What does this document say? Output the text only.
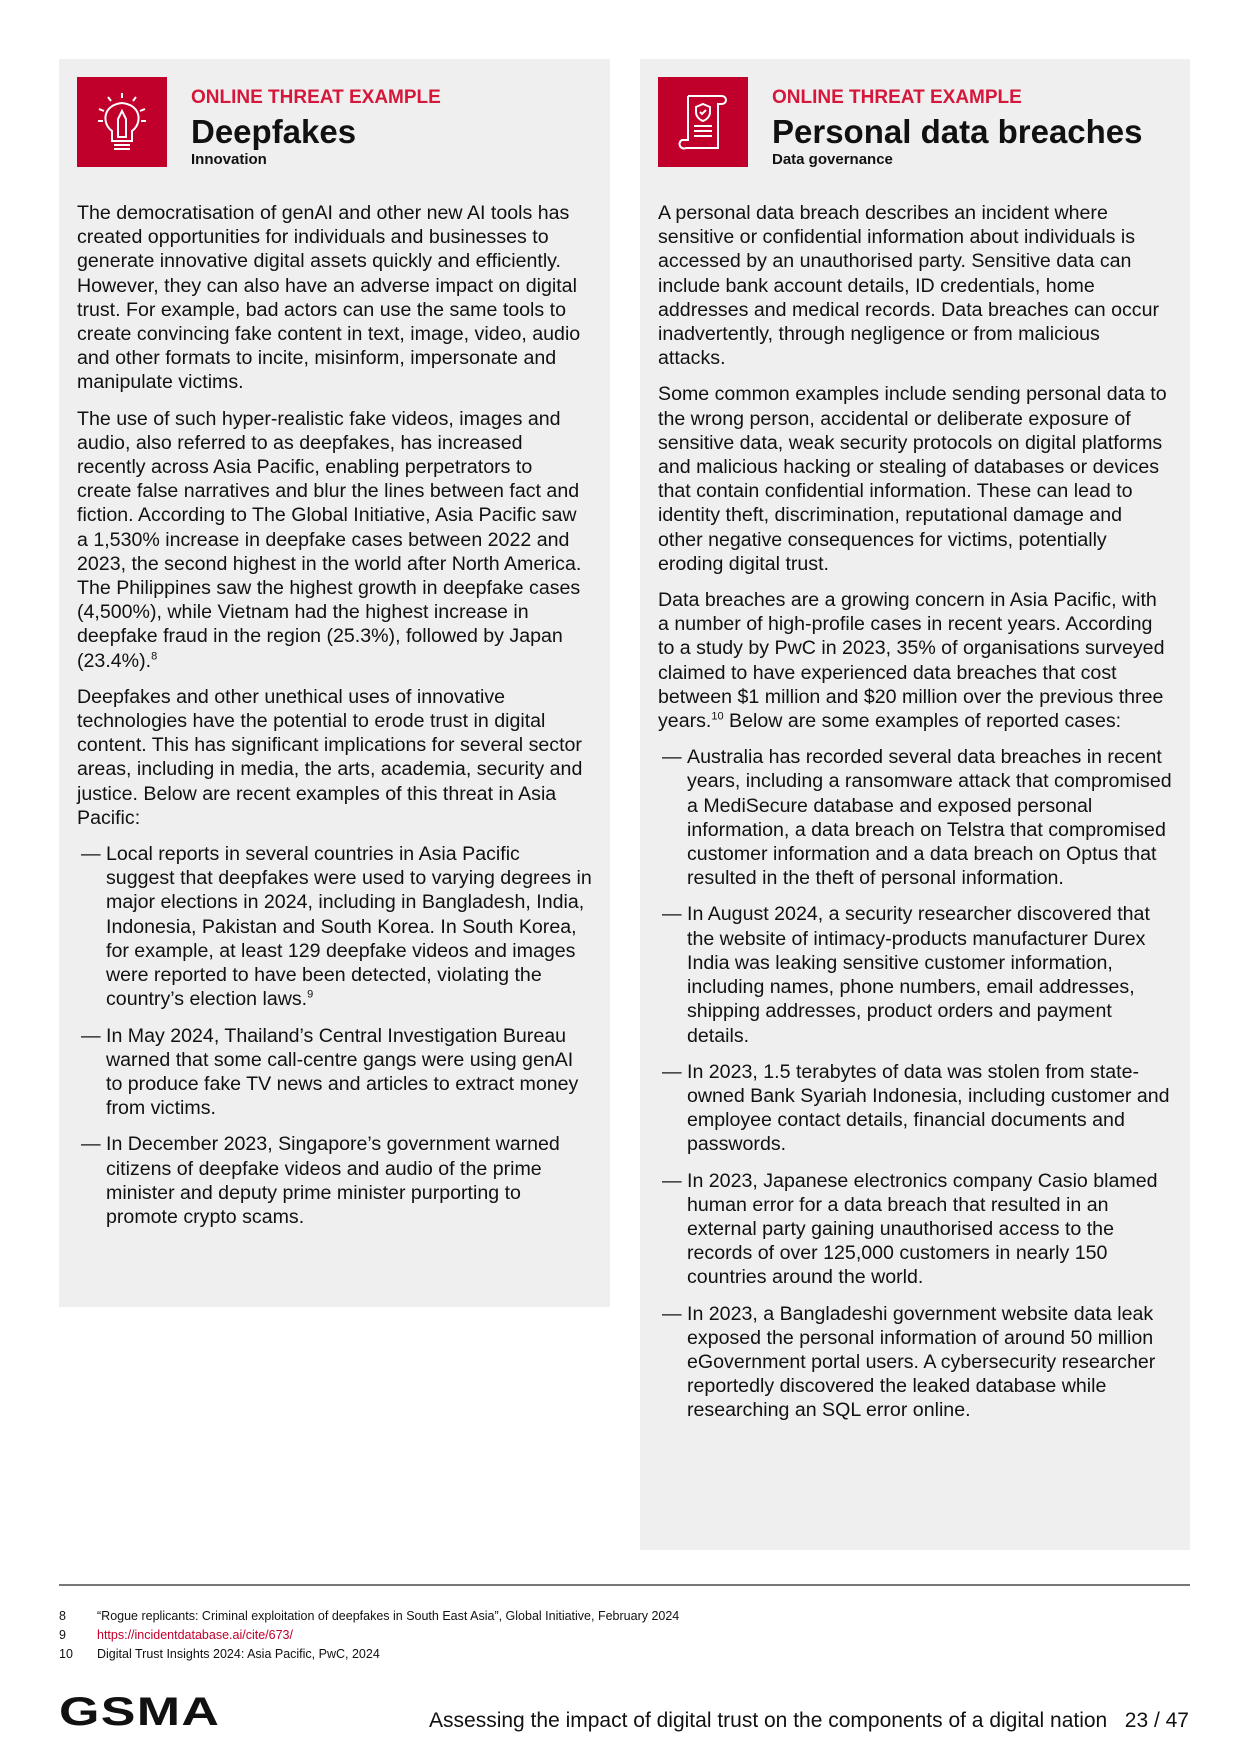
ONLINE THREAT EXAMPLE
Deepfakes
Innovation

The democratisation of genAI and other new AI tools has created opportunities for individuals and businesses to generate innovative digital assets quickly and efficiently. However, they can also have an adverse impact on digital trust. For example, bad actors can use the same tools to create convincing fake content in text, image, video, audio and other formats to incite, misinform, impersonate and manipulate victims.

The use of such hyper-realistic fake videos, images and audio, also referred to as deepfakes, has increased recently across Asia Pacific, enabling perpetrators to create false narratives and blur the lines between fact and fiction. According to The Global Initiative, Asia Pacific saw a 1,530% increase in deepfake cases between 2022 and 2023, the second highest in the world after North America. The Philippines saw the highest growth in deepfake cases (4,500%), while Vietnam had the highest increase in deepfake fraud in the region (25.3%), followed by Japan (23.4%).$^8$

Deepfakes and other unethical uses of innovative technologies have the potential to erode trust in digital content. This has significant implications for several sector areas, including in media, the arts, academia, security and justice. Below are recent examples of this threat in Asia Pacific:

— Local reports in several countries in Asia Pacific suggest that deepfakes were used to varying degrees in major elections in 2024, including in Bangladesh, India, Indonesia, Pakistan and South Korea. In South Korea, for example, at least 129 deepfake videos and images were reported to have been detected, violating the country’s election laws.$^9$
— In May 2024, Thailand’s Central Investigation Bureau warned that some call-centre gangs were using genAI to produce fake TV news and articles to extract money from victims.
— In December 2023, Singapore’s government warned citizens of deepfake videos and audio of the prime minister and deputy prime minister purporting to promote crypto scams.
ONLINE THREAT EXAMPLE
Personal data breaches
Data governance

A personal data breach describes an incident where sensitive or confidential information about individuals is accessed by an unauthorised party. Sensitive data can include bank account details, ID credentials, home addresses and medical records. Data breaches can occur inadvertently, through negligence or from malicious attacks.

Some common examples include sending personal data to the wrong person, accidental or deliberate exposure of sensitive data, weak security protocols on digital platforms and malicious hacking or stealing of databases or devices that contain confidential information. These can lead to identity theft, discrimination, reputational damage and other negative consequences for victims, potentially eroding digital trust.

Data breaches are a growing concern in Asia Pacific, with a number of high-profile cases in recent years. According to a study by PwC in 2023, 35% of organisations surveyed claimed to have experienced data breaches that cost between $1 million and $20 million over the previous three years.$^{10}$ Below are some examples of reported cases:

— Australia has recorded several data breaches in recent years, including a ransomware attack that compromised a MediSecure database and exposed personal information, a data breach on Telstra that compromised customer information and a data breach on Optus that resulted in the theft of personal information.
— In August 2024, a security researcher discovered that the website of intimacy-products manufacturer Durex India was leaking sensitive customer information, including names, phone numbers, email addresses, shipping addresses, product orders and payment details.
— In 2023, 1.5 terabytes of data was stolen from state-owned Bank Syariah Indonesia, including customer and employee contact details, financial documents and passwords.
— In 2023, Japanese electronics company Casio blamed human error for a data breach that resulted in an external party gaining unauthorised access to the records of over 125,000 customers in nearly 150 countries around the world.
— In 2023, a Bangladeshi government website data leak exposed the personal information of around 50 million eGovernment portal users. A cybersecurity researcher reportedly discovered the leaked database while researching an SQL error online.
8	“Rogue replicants: Criminal exploitation of deepfakes in South East Asia”, Global Initiative, February 2024
9	https://incidentdatabase.ai/cite/673/
10	Digital Trust Insights 2024: Asia Pacific, PwC, 2024
GSMA	Assessing the impact of digital trust on the components of a digital nation 23 / 47
